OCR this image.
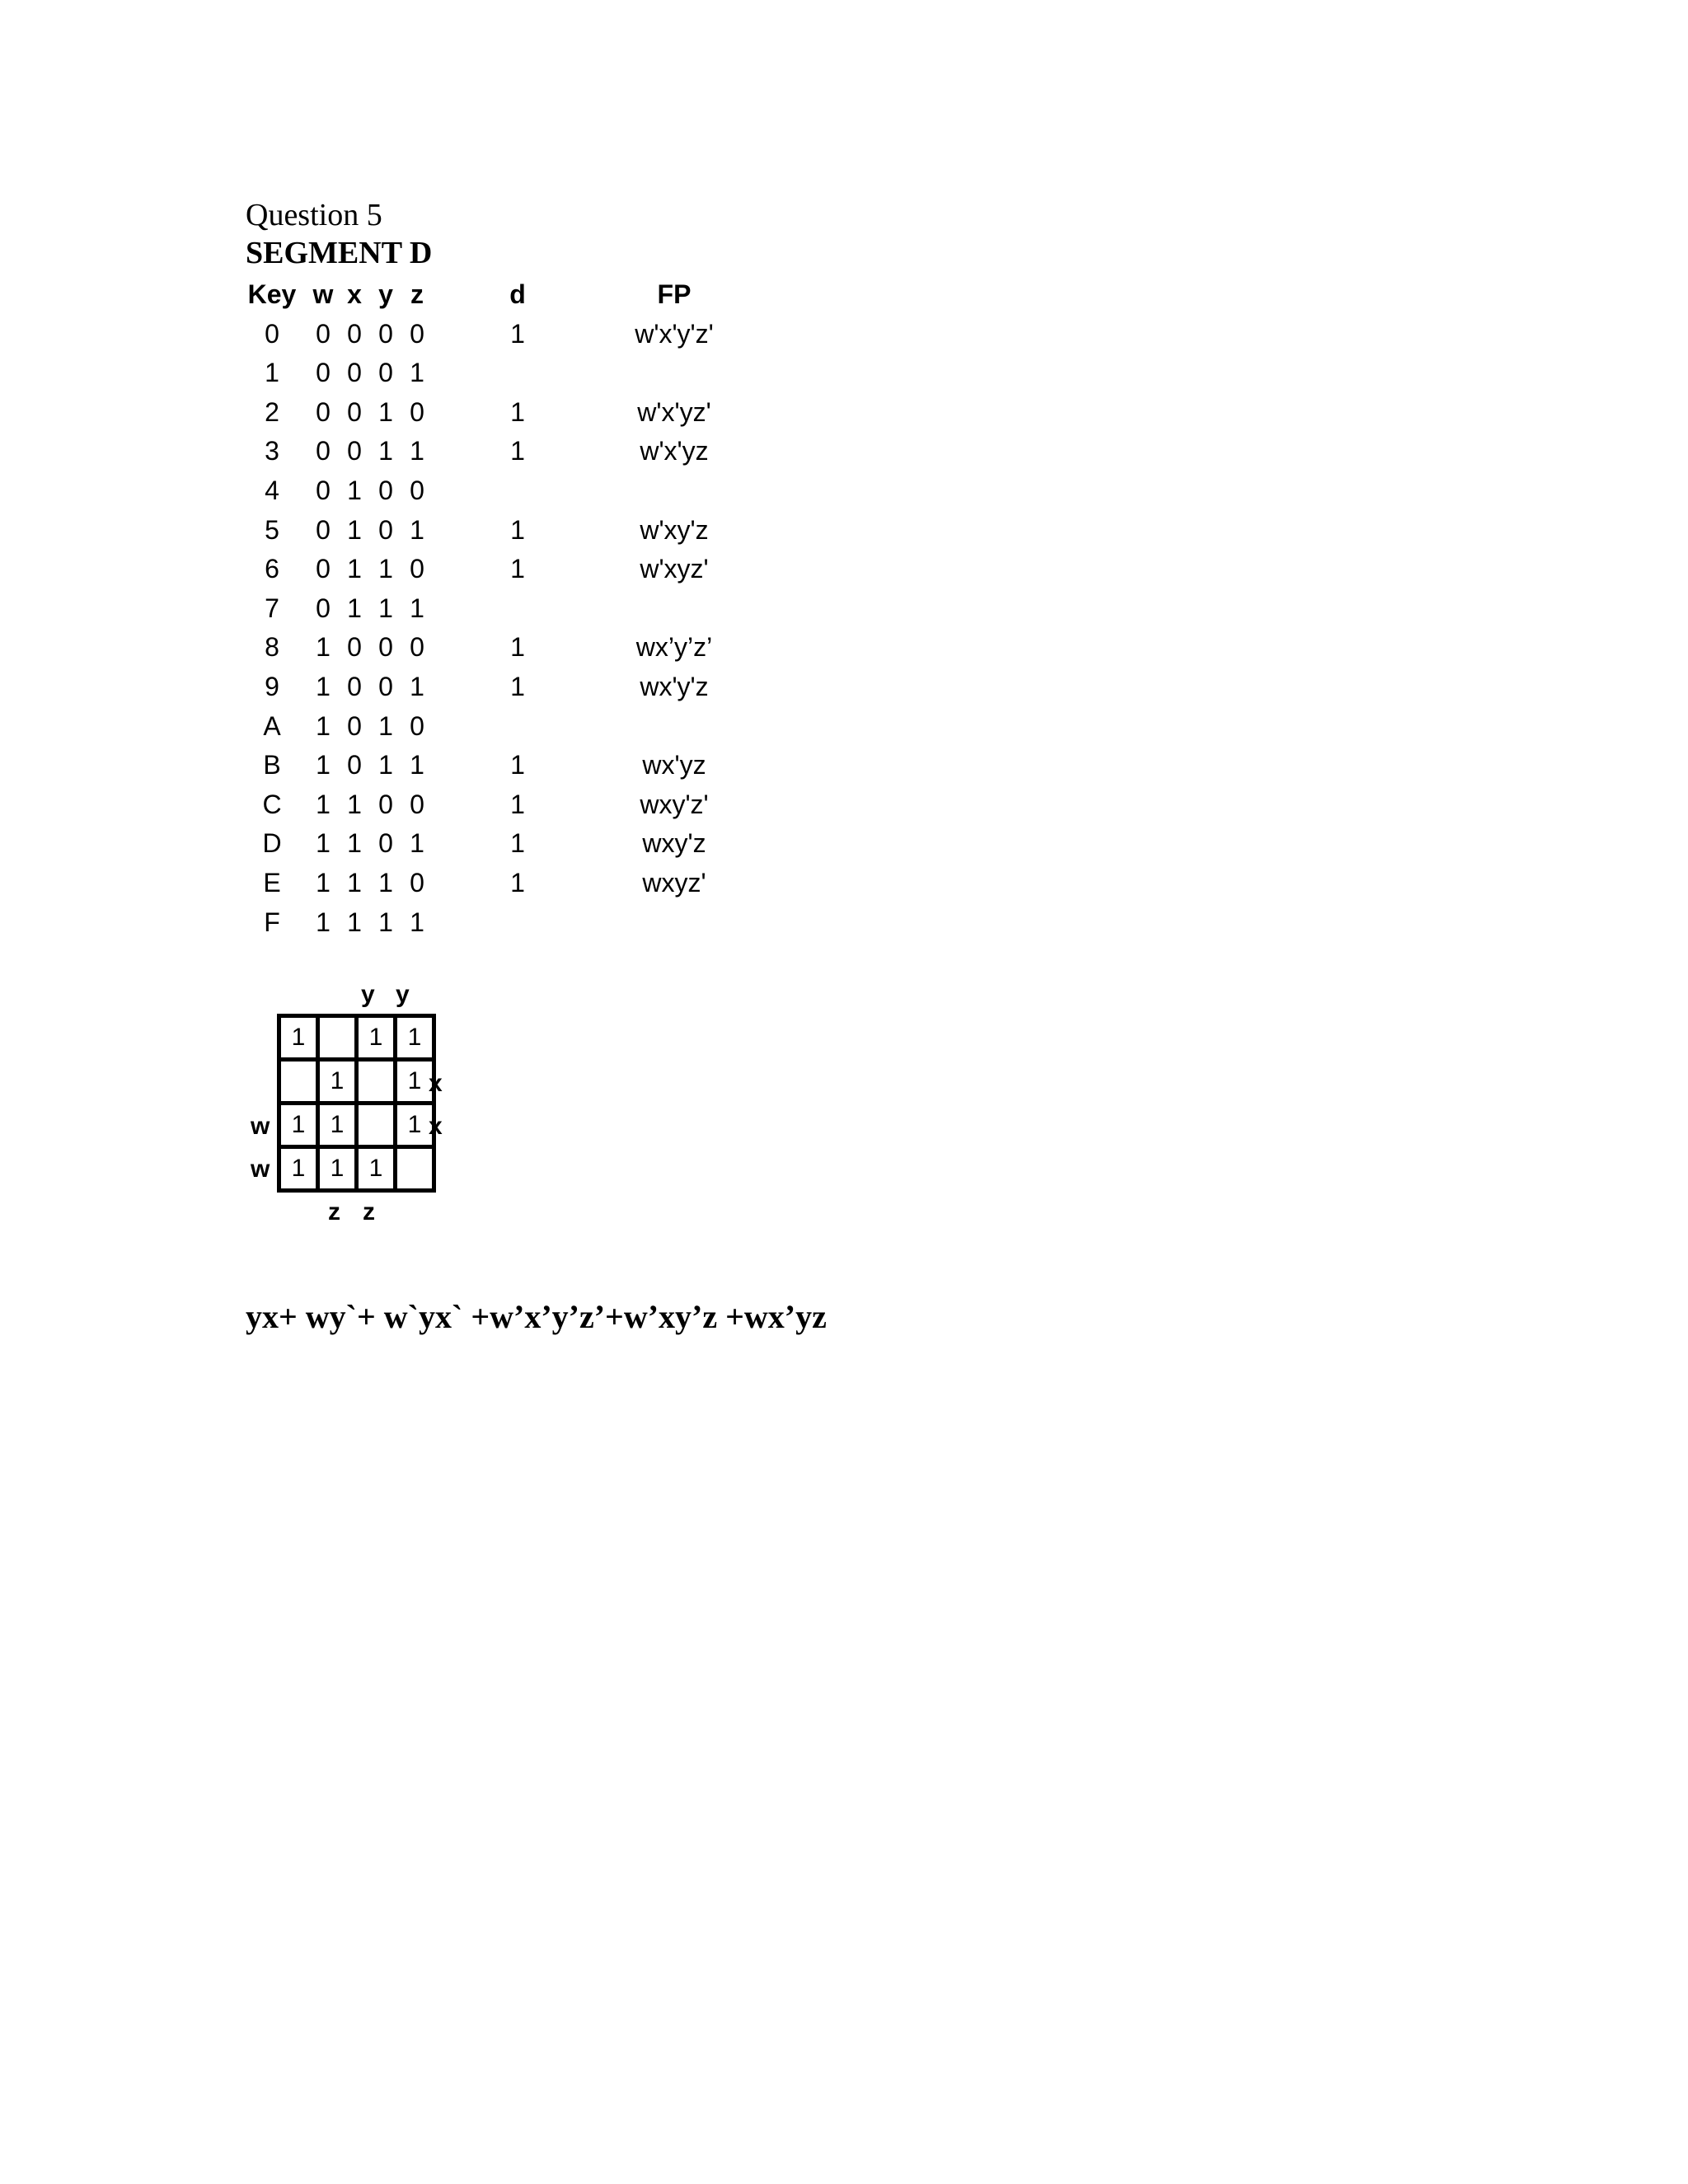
Question 5
SEGMENT D
Key w x y z	d	FP
0	0 0 0 0	1	w'x'y'z'
1	0 0 0 1
2	0 0 1 0	1	w'x'yz'
3	0 0 1 1	1	w'x'yz
4	0 1 0 0
5	0 1 0 1	1	w'xy'z
6	0 1 1 0	1	w'xyz'
7	0 1 1 1
8	1 0 0 0	1	wx’y’z’
9	1 0 0 1	1	wx'y'z
A	1 0 1 0
B	1 0 1 1	1	wx'yz
C	1 1 0 0	1	wxy'z'
D	1 1 0 1	1	wxy'z
E	1 1 1 0	1	wxyz'
F	1 1 1 1
y y
x
x
w
w
1		1	1
	1		1
1	1		1
1	1	1	
z z
yx+ wy`+ w`yx` +w’x’y’z’+w’xy’z +wx’yz
